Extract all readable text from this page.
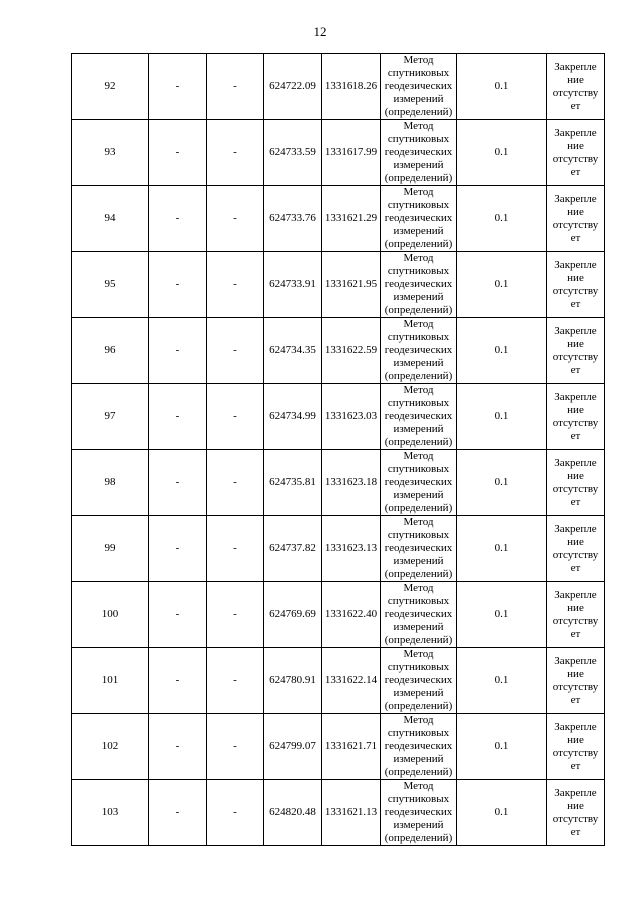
12
92	-	-	624722.09	1331618.26	Метод спутниковых геодезических измерений (определений)	0.1	Закрепле ние отсутству ет
93	-	-	624733.59	1331617.99	Метод спутниковых геодезических измерений (определений)	0.1	Закрепле ние отсутству ет
94	-	-	624733.76	1331621.29	Метод спутниковых геодезических измерений (определений)	0.1	Закрепле ние отсутству ет
95	-	-	624733.91	1331621.95	Метод спутниковых геодезических измерений (определений)	0.1	Закрепле ние отсутству ет
96	-	-	624734.35	1331622.59	Метод спутниковых геодезических измерений (определений)	0.1	Закрепле ние отсутству ет
97	-	-	624734.99	1331623.03	Метод спутниковых геодезических измерений (определений)	0.1	Закрепле ние отсутству ет
98	-	-	624735.81	1331623.18	Метод спутниковых геодезических измерений (определений)	0.1	Закрепле ние отсутству ет
99	-	-	624737.82	1331623.13	Метод спутниковых геодезических измерений (определений)	0.1	Закрепле ние отсутству ет
100	-	-	624769.69	1331622.40	Метод спутниковых геодезических измерений (определений)	0.1	Закрепле ние отсутству ет
101	-	-	624780.91	1331622.14	Метод спутниковых геодезических измерений (определений)	0.1	Закрепле ние отсутству ет
102	-	-	624799.07	1331621.71	Метод спутниковых геодезических измерений (определений)	0.1	Закрепле ние отсутству ет
103	-	-	624820.48	1331621.13	Метод спутниковых геодезических измерений (определений)	0.1	Закрепле ние отсутству ет
